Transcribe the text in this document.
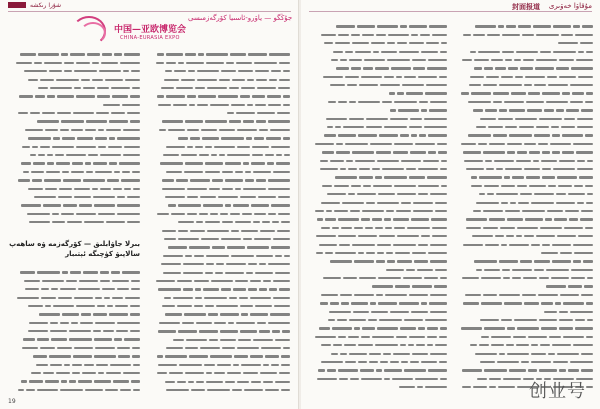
شۇرا رىكشە
جۇڭگو — ياۋرو-ئاسىيا كۆرگەزمىسى
中国—亚欧博览会
CHINA-EURASIA EXPO
بىرلا جاۋابلىق — كۆرگەزمە ۋە ساھەپ
سالاپىۋ كۈچىگە ئېتىبار
19
封面报道 مۇقاۋا خەۋىرى
创业号
